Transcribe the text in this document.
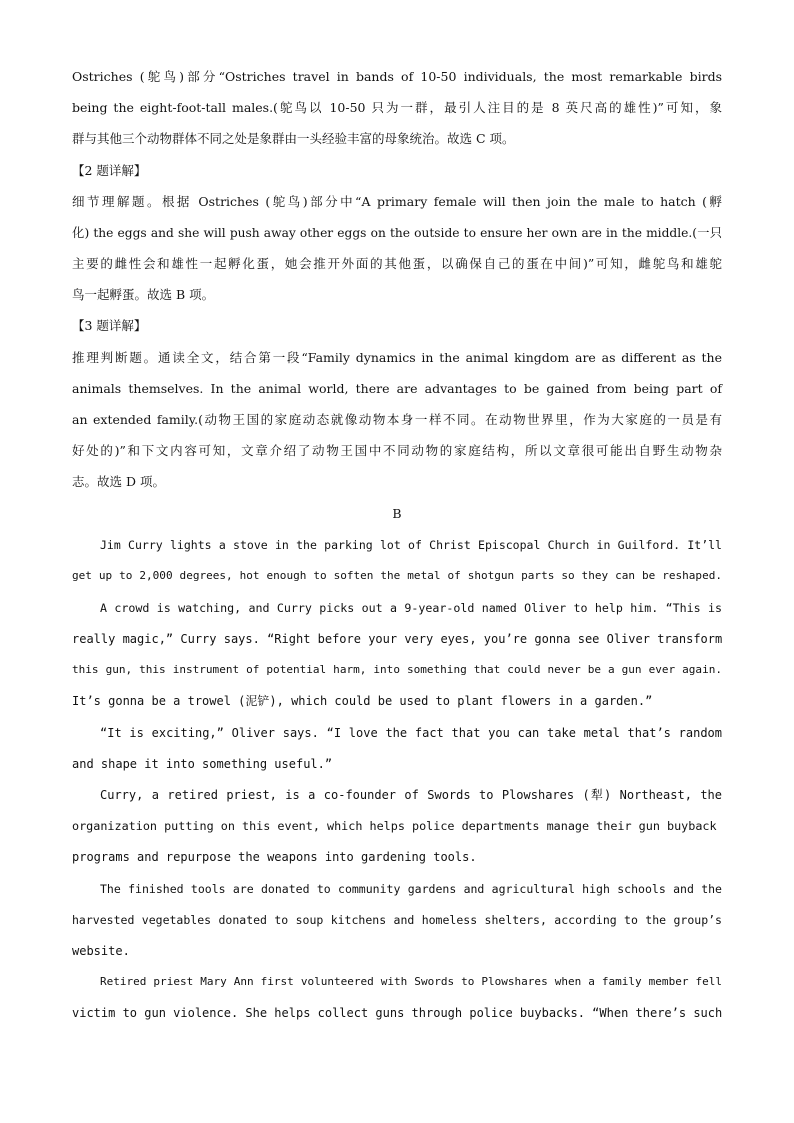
Ostriches (鸵鸟)部分“Ostriches travel in bands of 10-50 individuals, the most remarkable birds
being the eight-foot-tall males.(鸵鸟以 10-50 只为一群，最引人注目的是 8 英尺高的雄性)”可知，象
群与其他三个动物群体不同之处是象群由一头经验丰富的母象统治。故选 C 项。
【2 题详解】
细节理解题。根据 Ostriches (鸵鸟)部分中“A primary female will then join the male to hatch (孵
化) the eggs and she will push away other eggs on the outside to ensure her own are in the middle.(一只
主要的雌性会和雄性一起孵化蛋，她会推开外面的其他蛋，以确保自己的蛋在中间)”可知，雌鸵鸟和雄鸵
鸟一起孵蛋。故选 B 项。
【3 题详解】
推理判断题。通读全文，结合第一段“Family dynamics in the animal kingdom are as different as the
animals themselves. In the animal world, there are advantages to be gained from being part of
an extended family.(动物王国的家庭动态就像动物本身一样不同。在动物世界里，作为大家庭的一员是有
好处的)”和下文内容可知，文章介绍了动物王国中不同动物的家庭结构，所以文章很可能出自野生动物杂
志。故选 D 项。
B
Jim Curry lights a stove in the parking lot of Christ Episcopal Church in Guilford. It’ll
get up to 2,000 degrees, hot enough to soften the metal of shotgun parts so they can be reshaped.
A crowd is watching, and Curry picks out a 9-year-old named Oliver to help him. “This is
really magic,” Curry says. “Right before your very eyes, you’re gonna see Oliver transform
this gun, this instrument of potential harm, into something that could never be a gun ever again.
It’s gonna be a trowel (泥铲), which could be used to plant flowers in a garden.”
“It is exciting,” Oliver says. “I love the fact that you can take metal that’s random
and shape it into something useful.”
Curry, a retired priest, is a co-founder of Swords to Plowshares (犁) Northeast, the
organization putting on this event, which helps police departments manage their gun buyback
programs and repurpose the weapons into gardening tools.
The finished tools are donated to community gardens and agricultural high schools and the
harvested vegetables donated to soup kitchens and homeless shelters, according to the group’s
website.
Retired priest Mary Ann first volunteered with Swords to Plowshares when a family member fell
victim to gun violence. She helps collect guns through police buybacks. “When there’s such
